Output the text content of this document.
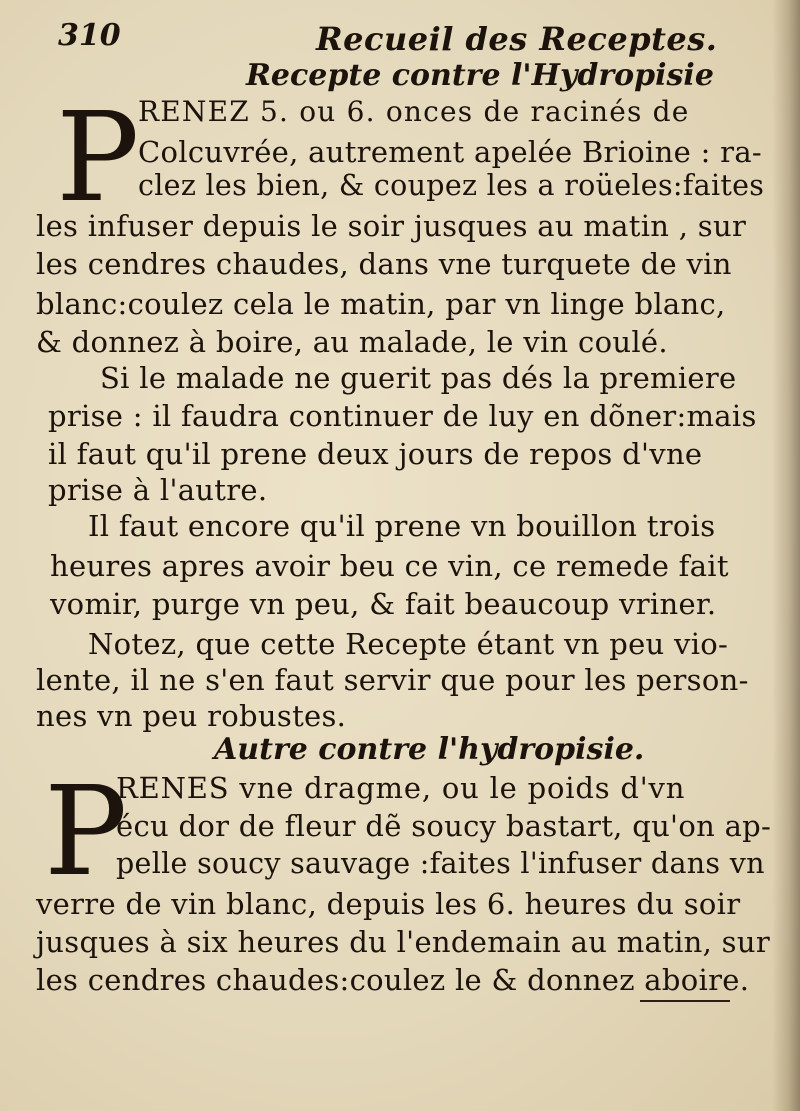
310	Recueil des Receptes.
Recepte contre l'Hydropisie
P
RENEZ 5. ou 6. onces de racinés de
Colcuvrée, autrement apelée Brioine : ra-
clez les bien, & coupez les a roüeles:faites
les infuser depuis le soir jusques au matin , sur
les cendres chaudes, dans vne turquete de vin
blanc:coulez cela le matin, par vn linge blanc,
& donnez à boire, au malade, le vin coulé.
Si le malade ne guerit pas dés la premiere
prise : il faudra continuer de luy en dõner:mais
il faut qu'il prene deux jours de repos d'vne
prise à l'autre.
Il faut encore qu'il prene vn bouillon trois
heures apres avoir beu ce vin, ce remede fait
vomir, purge vn peu, & fait beaucoup vriner.
Notez, que cette Recepte étant vn peu vio-
lente, il ne s'en faut servir que pour les person-
nes vn peu robustes.
Autre contre l'hydropisie.
P
RENES vne dragme, ou le poids d'vn
écu dor de fleur dẽ soucy bastart, qu'on ap-
pelle soucy sauvage :faites l'infuser dans vn
verre de vin blanc, depuis les 6. heures du soir
jusques à six heures du l'endemain au matin, sur
les cendres chaudes:coulez le & donnez aboire.
